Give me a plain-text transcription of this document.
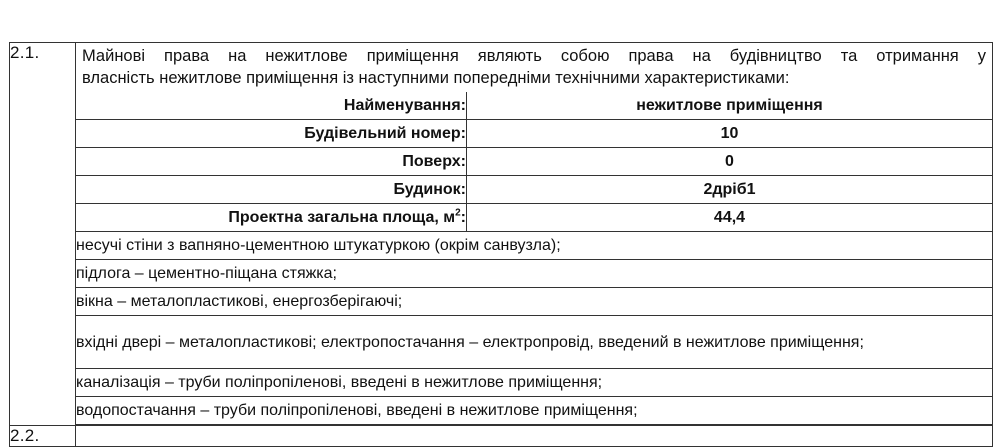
2.1.	Майнові права на нежитлове приміщення являють собою права на будівництво та отримання у
власність нежитлове приміщення із наступними попередніми технічними характеристиками:
Найменування:	нежитлове приміщення
Будівельний номер:	10
Поверх:	0
Будинок:	2дріб1
Проектна загальна площа, $м^2$:	44,4
несучі стіни з вапняно-цементною штукатуркою (окрім санвузла);
підлога – цементно-піщана стяжка;
вікна – металопластикові, енергозберігаючі;
вхідні двері – металопластикові; електропостачання – електропровід, введений в нежитлове приміщення;
каналізація – труби поліпропіленові, введені в нежитлове приміщення;
водопостачання – труби поліпропіленові, введені в нежитлове приміщення;

2.2.	
